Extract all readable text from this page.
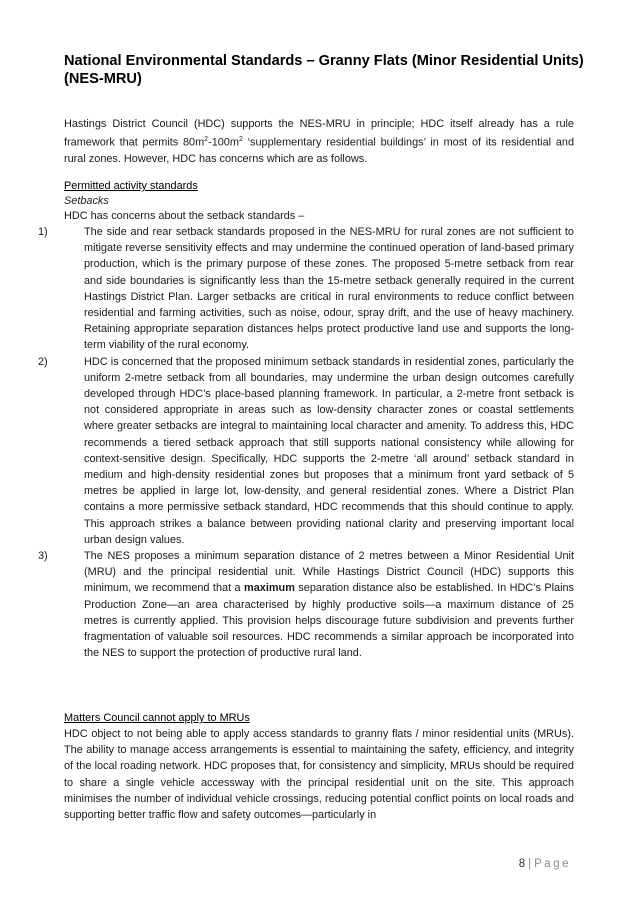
National Environmental Standards – Granny Flats (Minor Residential Units) (NES-MRU)
Hastings District Council (HDC) supports the NES-MRU in principle; HDC itself already has a rule framework that permits $80m^2-100m^2$ ‘supplementary residential buildings’ in most of its residential and rural zones. However, HDC has concerns which are as follows.
Permitted activity standards
Setbacks
HDC has concerns about the setback standards –
1)	The side and rear setback standards proposed in the NES-MRU for rural zones are not sufficient to mitigate reverse sensitivity effects and may undermine the continued operation of land-based primary production, which is the primary purpose of these zones. The proposed 5-metre setback from rear and side boundaries is significantly less than the 15-metre setback generally required in the current Hastings District Plan. Larger setbacks are critical in rural environments to reduce conflict between residential and farming activities, such as noise, odour, spray drift, and the use of heavy machinery. Retaining appropriate separation distances helps protect productive land use and supports the long-term viability of the rural economy.
2)	HDC is concerned that the proposed minimum setback standards in residential zones, particularly the uniform 2-metre setback from all boundaries, may undermine the urban design outcomes carefully developed through HDC’s place-based planning framework. In particular, a 2-metre front setback is not considered appropriate in areas such as low-density character zones or coastal settlements where greater setbacks are integral to maintaining local character and amenity. To address this, HDC recommends a tiered setback approach that still supports national consistency while allowing for context-sensitive design. Specifically, HDC supports the 2-metre ‘all around’ setback standard in medium and high-density residential zones but proposes that a minimum front yard setback of 5 metres be applied in large lot, low-density, and general residential zones. Where a District Plan contains a more permissive setback standard, HDC recommends that this should continue to apply. This approach strikes a balance between providing national clarity and preserving important local urban design values.
3)	The NES proposes a minimum separation distance of 2 metres between a Minor Residential Unit (MRU) and the principal residential unit. While Hastings District Council (HDC) supports this minimum, we recommend that a maximum separation distance also be established. In HDC’s Plains Production Zone—an area characterised by highly productive soils—a maximum distance of 25 metres is currently applied. This provision helps discourage future subdivision and prevents further fragmentation of valuable soil resources. HDC recommends a similar approach be incorporated into the NES to support the protection of productive rural land.
Matters Council cannot apply to MRUs
HDC object to not being able to apply access standards to granny flats / minor residential units (MRUs). The ability to manage access arrangements is essential to maintaining the safety, efficiency, and integrity of the local roading network. HDC proposes that, for consistency and simplicity, MRUs should be required to share a single vehicle accessway with the principal residential unit on the site. This approach minimises the number of individual vehicle crossings, reducing potential conflict points on local roads and supporting better traffic flow and safety outcomes—particularly in
8 | Page
